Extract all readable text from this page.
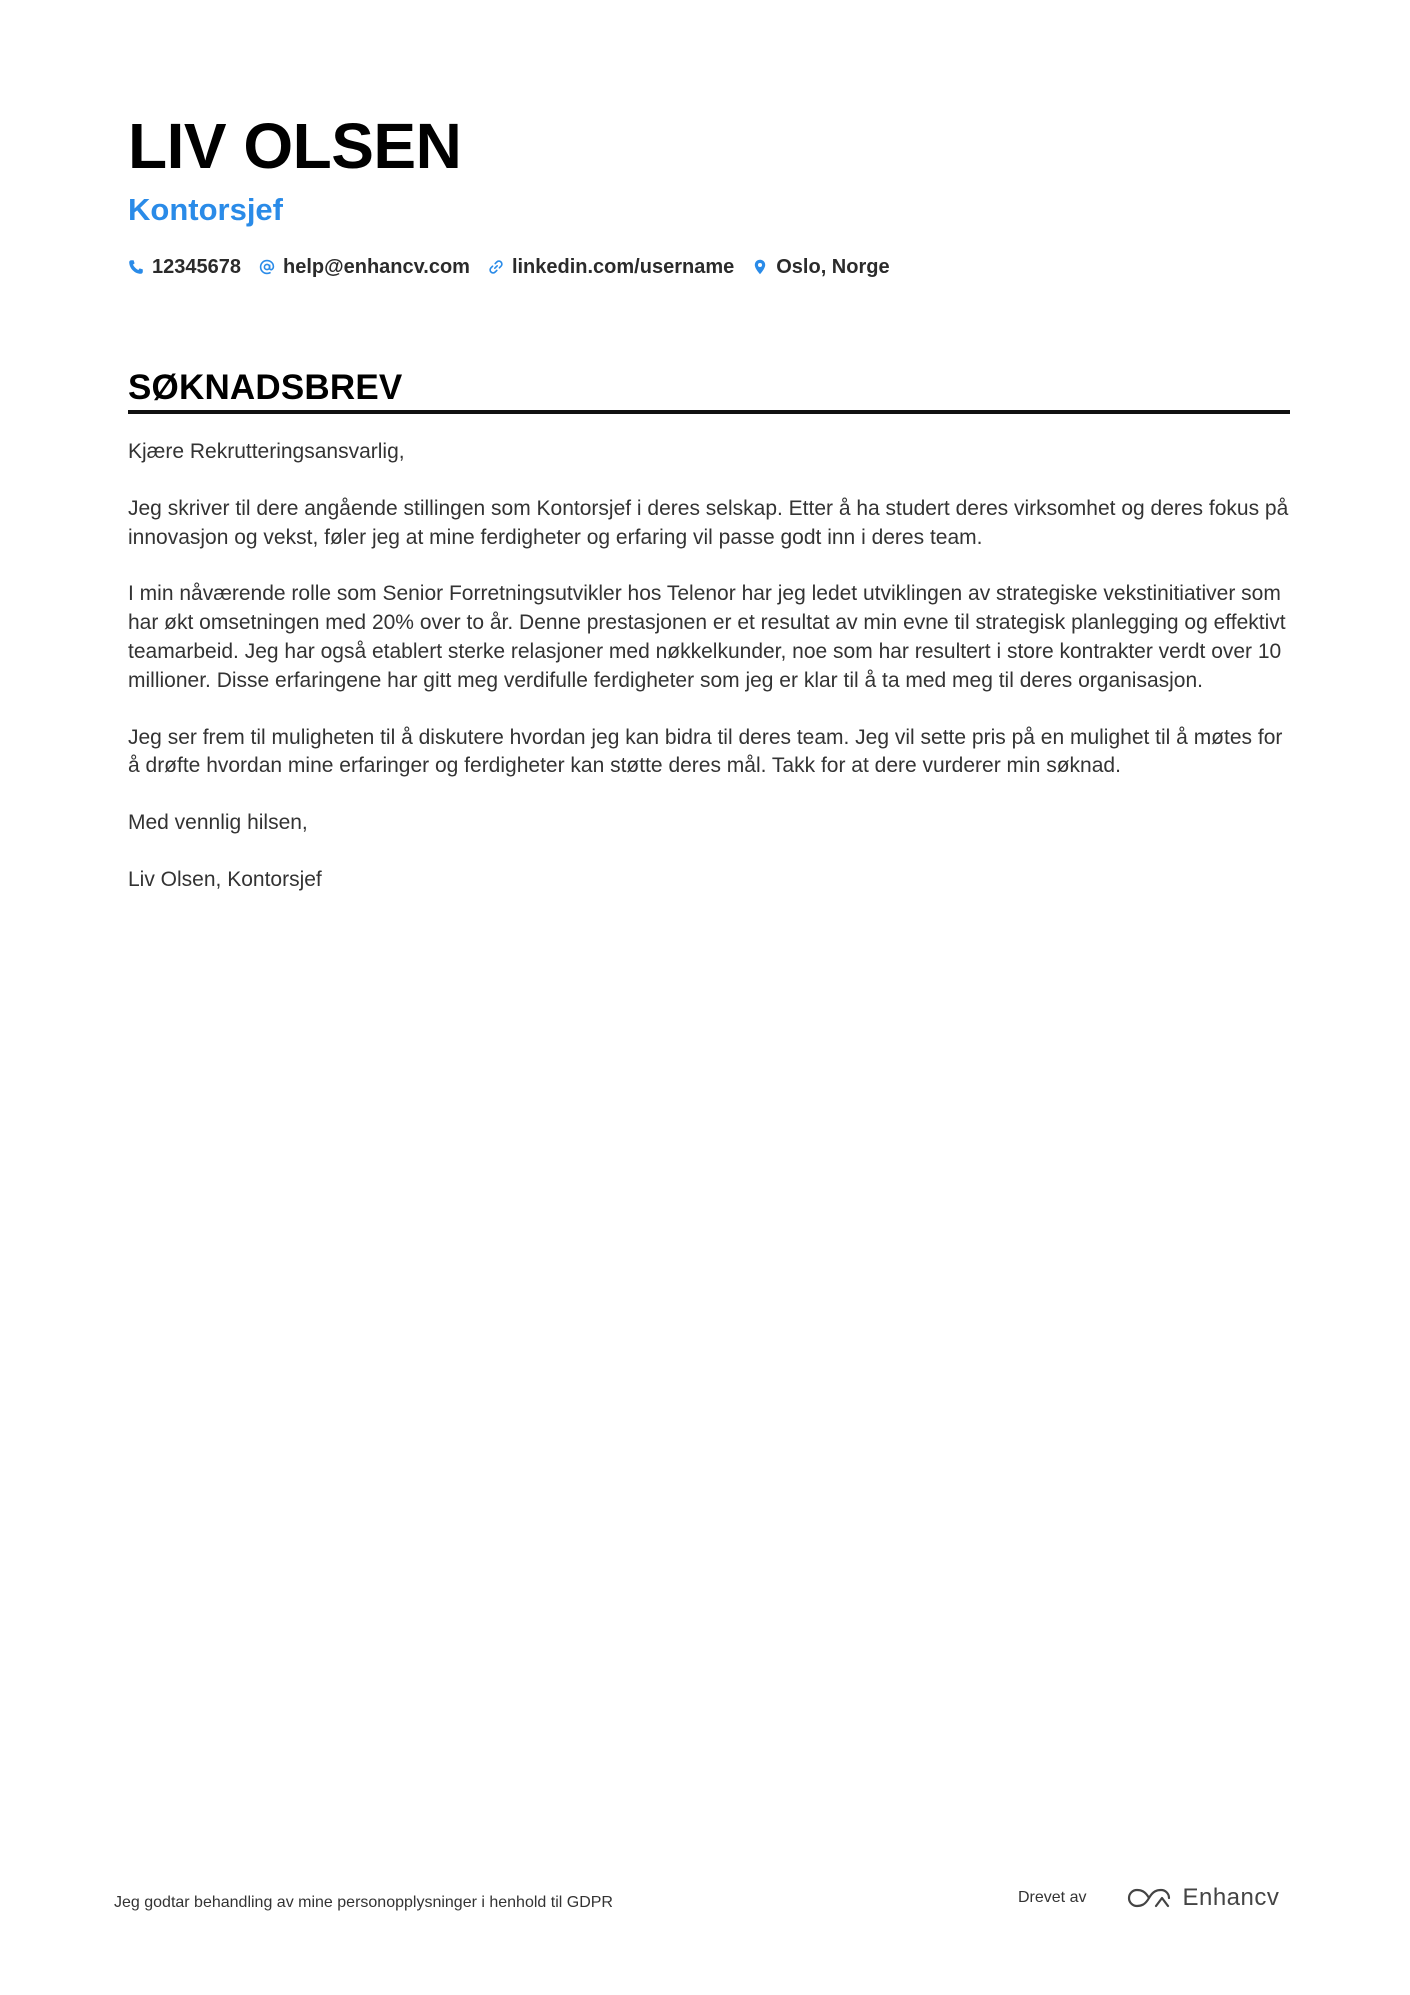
LIV OLSEN
Kontorsjef
12345678 help@enhancv.com linkedin.com/username Oslo, Norge
SØKNADSBREV

Kjære Rekrutteringsansvarlig,

Jeg skriver til dere angående stillingen som Kontorsjef i deres selskap. Etter å ha studert deres virksomhet og deres fokus på innovasjon og vekst, føler jeg at mine ferdigheter og erfaring vil passe godt inn i deres team.

I min nåværende rolle som Senior Forretningsutvikler hos Telenor har jeg ledet utviklingen av strategiske vekstinitiativer som har økt omsetningen med 20% over to år. Denne prestasjonen er et resultat av min evne til strategisk planlegging og effektivt teamarbeid. Jeg har også etablert sterke relasjoner med nøkkelkunder, noe som har resultert i store kontrakter verdt over 10 millioner. Disse erfaringene har gitt meg verdifulle ferdigheter som jeg er klar til å ta med meg til deres organisasjon.

Jeg ser frem til muligheten til å diskutere hvordan jeg kan bidra til deres team. Jeg vil sette pris på en mulighet til å møtes for å drøfte hvordan mine erfaringer og ferdigheter kan støtte deres mål. Takk for at dere vurderer min søknad.

Med vennlig hilsen,

Liv Olsen, Kontorsjef

Jeg godtar behandling av mine personopplysninger i henhold til GDPR	Drevet av	Enhancv
